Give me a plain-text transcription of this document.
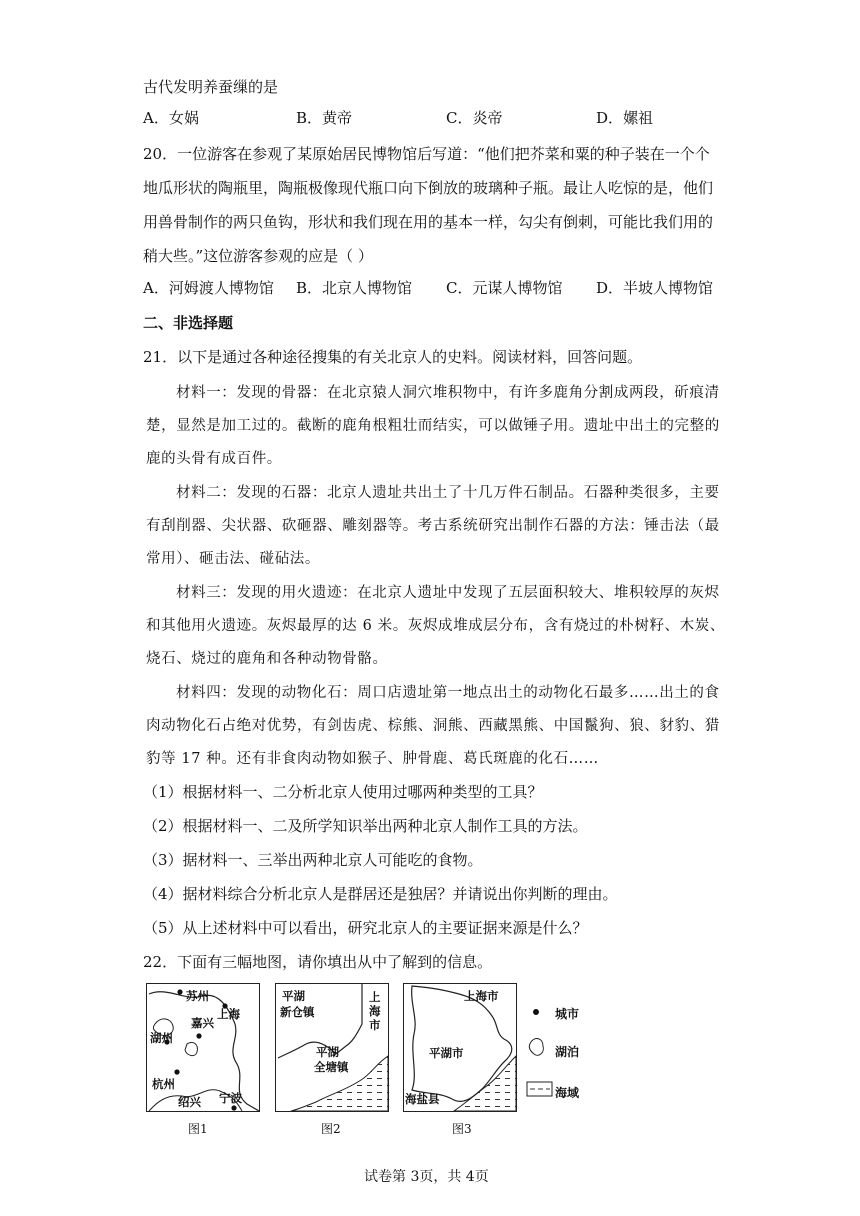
古代发明养蚕缫的是
A．女娲	B．黄帝	C．炎帝	D．嫘祖
20．一位游客在参观了某原始居民博物馆后写道：“他们把芥菜和粟的种子装在一个个
地瓜形状的陶瓶里，陶瓶极像现代瓶口向下倒放的玻璃种子瓶。最让人吃惊的是，他们
用兽骨制作的两只鱼钩，形状和我们现在用的基本一样，勾尖有倒刺，可能比我们用的
稍大些。”这位游客参观的应是（ ）
A．河姆渡人博物馆 B．北京人博物馆 C．元谋人博物馆 D．半坡人博物馆
二、非选择题
21．以下是通过各种途径搜集的有关北京人的史料。阅读材料，回答问题。
材料一：发现的骨器：在北京猿人洞穴堆积物中，有许多鹿角分割成两段，斫痕清
楚，显然是加工过的。截断的鹿角根粗壮而结实，可以做锤子用。遗址中出土的完整的
鹿的头骨有成百件。
材料二：发现的石器：北京人遗址共出土了十几万件石制品。石器种类很多，主要
有刮削器、尖状器、砍砸器、雕刻器等。考古系统研究出制作石器的方法：锤击法（最
常用）、砸击法、碰砧法。
材料三：发现的用火遗迹：在北京人遗址中发现了五层面积较大、堆积较厚的灰烬
和其他用火遗迹。灰烬最厚的达 6 米。灰烬成堆成层分布，含有烧过的朴树籽、木炭、
烧石、烧过的鹿角和各种动物骨骼。
材料四：发现的动物化石：周口店遗址第一地点出土的动物化石最多……出土的食
肉动物化石占绝对优势，有剑齿虎、棕熊、洞熊、西藏黑熊、中国鬣狗、狼、豺豹、猎
豹等 17 种。还有非食肉动物如猴子、肿骨鹿、葛氏斑鹿的化石……
（1）根据材料一、二分析北京人使用过哪两种类型的工具？
（2）根据材料一、二及所学知识举出两种北京人制作工具的方法。
（3）据材料一、三举出两种北京人可能吃的食物。
（4）据材料综合分析北京人是群居还是独居？并请说出你判断的理由。
（5）从上述材料中可以看出，研究北京人的主要证据来源是什么？
22．下面有三幅地图，请你填出从中了解到的信息。
苏州
上海
嘉兴
湖州
杭州
绍兴 宁波
图1
平湖
新仓镇
上
海
市
平湖
全塘镇
图2
上海市
平湖市
海盐县
图3
城市
湖泊
海域
试卷第 3页，共 4页
